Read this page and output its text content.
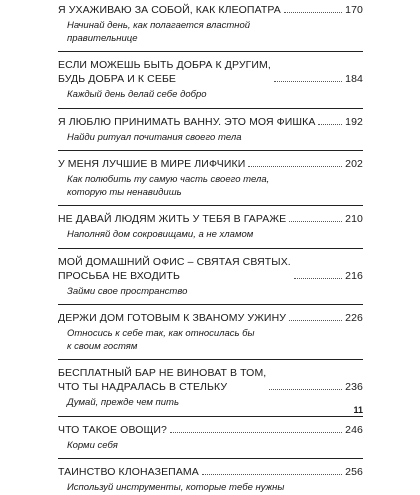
Я УХАЖИВАЮ ЗА СОБОЙ, КАК КЛЕОПАТРА	170
Начинай день, как полагается властной
правительнице
ЕСЛИ МОЖЕШЬ БЫТЬ ДОБРА К ДРУГИМ,
БУДЬ ДОБРА И К СЕБЕ	184
Каждый день делай себе добро
Я ЛЮБЛЮ ПРИНИМАТЬ ВАННУ. ЭТО МОЯ ФИШКА	192
Найди ритуал почитания своего тела
У МЕНЯ ЛУЧШИЕ В МИРЕ ЛИФЧИКИ	202
Как полюбить ту самую часть своего тела,
которую ты ненавидишь
НЕ ДАВАЙ ЛЮДЯМ ЖИТЬ У ТЕБЯ В ГАРАЖЕ	210
Наполняй дом сокровищами, а не хламом
МОЙ ДОМАШНИЙ ОФИС – СВЯТАЯ СВЯТЫХ.
ПРОСЬБА НЕ ВХОДИТЬ	216
Займи свое пространство
ДЕРЖИ ДОМ ГОТОВЫМ К ЗВАНОМУ УЖИНУ	226
Относись к себе так, как относилась бы
к своим гостям
БЕСПЛАТНЫЙ БАР НЕ ВИНОВАТ В ТОМ,
ЧТО ТЫ НАДРАЛАСЬ В СТЕЛЬКУ	236
Думай, прежде чем пить
ЧТО ТАКОЕ ОВОЩИ?	246
Корми себя
ТАИНСТВО КЛОНАЗЕПАМА	256
Используй инструменты, которые тебе нужны
11
